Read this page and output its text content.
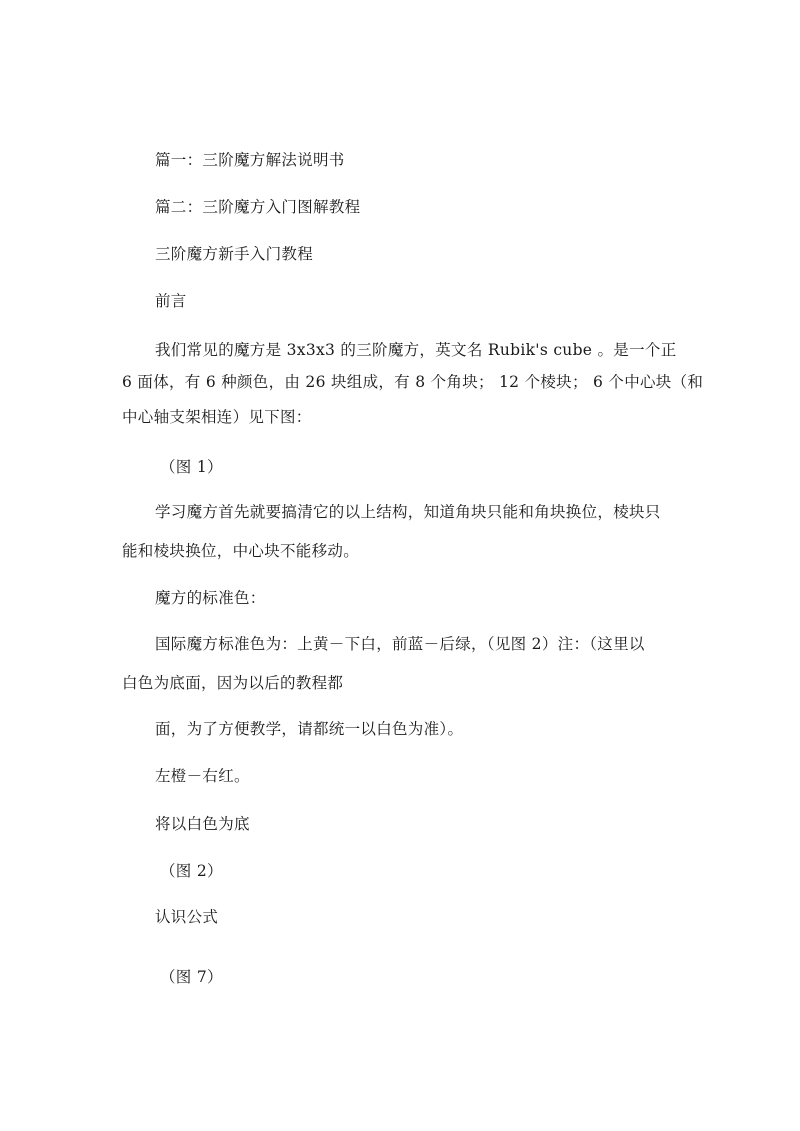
篇一：三阶魔方解法说明书
篇二：三阶魔方入门图解教程
三阶魔方新手入门教程
前言
我们常见的魔方是 3x3x3 的三阶魔方，英文名 Rubik's cube 。是一个正
6 面体，有 6 种颜色，由 26 块组成，有 8 个角块； 12 个棱块； 6 个中心块（和
中心轴支架相连）见下图：
（图 1）
学习魔方首先就要搞清它的以上结构，知道角块只能和角块换位，棱块只
能和棱块换位，中心块不能移动。
魔方的标准色：
国际魔方标准色为：上黄－下白，前蓝－后绿，（见图 2）注：（这里以
白色为底面，因为以后的教程都
面，为了方便教学，请都统一以白色为准）。
左橙－右红。
将以白色为底
（图 2）
认识公式
（图 7）
